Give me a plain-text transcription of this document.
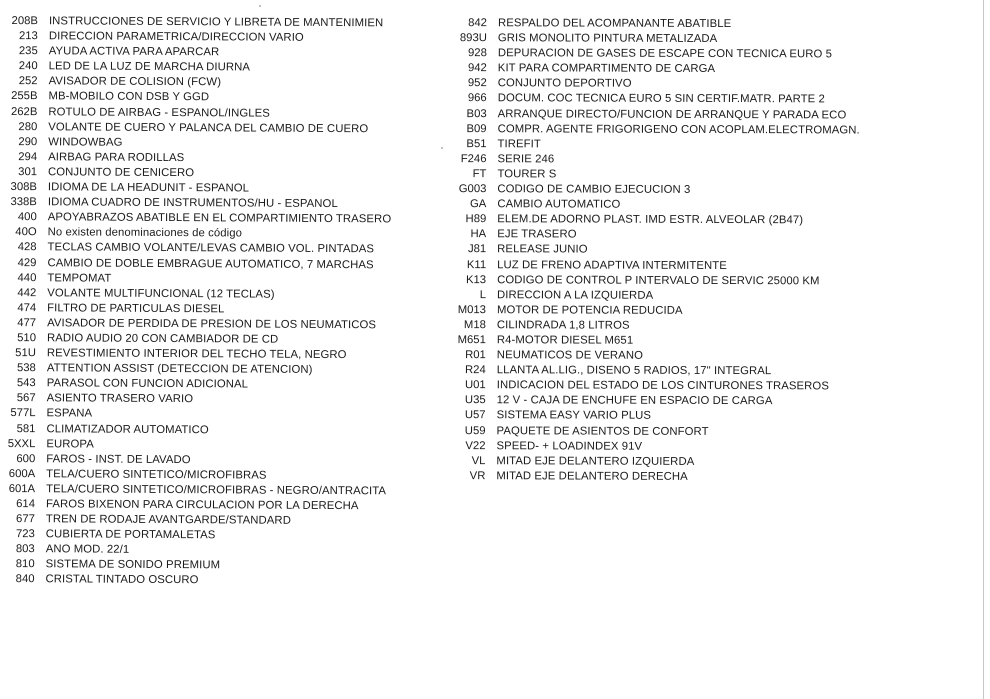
208B INSTRUCCIONES DE SERVICIO Y LIBRETA DE MANTENIMIEN
213 DIRECCION PARAMETRICA/DIRECCION VARIO
235 AYUDA ACTIVA PARA APARCAR
240 LED DE LA LUZ DE MARCHA DIURNA
252 AVISADOR DE COLISION (FCW)
255B MB-MOBILO CON DSB Y GGD
262B ROTULO DE AIRBAG - ESPANOL/INGLES
280 VOLANTE DE CUERO Y PALANCA DEL CAMBIO DE CUERO
290 WINDOWBAG
294 AIRBAG PARA RODILLAS
301 CONJUNTO DE CENICERO
308B IDIOMA DE LA HEADUNIT - ESPANOL
338B IDIOMA CUADRO DE INSTRUMENTOS/HU - ESPANOL
400 APOYABRAZOS ABATIBLE EN EL COMPARTIMIENTO TRASERO
40O No existen denominaciones de código
428 TECLAS CAMBIO VOLANTE/LEVAS CAMBIO VOL. PINTADAS
429 CAMBIO DE DOBLE EMBRAGUE AUTOMATICO, 7 MARCHAS
440 TEMPOMAT
442 VOLANTE MULTIFUNCIONAL (12 TECLAS)
474 FILTRO DE PARTICULAS DIESEL
477 AVISADOR DE PERDIDA DE PRESION DE LOS NEUMATICOS
510 RADIO AUDIO 20 CON CAMBIADOR DE CD
51U REVESTIMIENTO INTERIOR DEL TECHO TELA, NEGRO
538 ATTENTION ASSIST (DETECCION DE ATENCION)
543 PARASOL CON FUNCION ADICIONAL
567 ASIENTO TRASERO VARIO
577L ESPANA
581 CLIMATIZADOR AUTOMATICO
5XXL EUROPA
600 FAROS - INST. DE LAVADO
600A TELA/CUERO SINTETICO/MICROFIBRAS
601A TELA/CUERO SINTETICO/MICROFIBRAS - NEGRO/ANTRACITA
614 FAROS BIXENON PARA CIRCULACION POR LA DERECHA
677 TREN DE RODAJE AVANTGARDE/STANDARD
723 CUBIERTA DE PORTAMALETAS
803 ANO MOD. 22/1
810 SISTEMA DE SONIDO PREMIUM
840 CRISTAL TINTADO OSCURO
842 RESPALDO DEL ACOMPANANTE ABATIBLE
893U GRIS MONOLITO PINTURA METALIZADA
928 DEPURACION DE GASES DE ESCAPE CON TECNICA EURO 5
942 KIT PARA COMPARTIMENTO DE CARGA
952 CONJUNTO DEPORTIVO
966 DOCUM. COC TECNICA EURO 5 SIN CERTIF.MATR. PARTE 2
B03 ARRANQUE DIRECTO/FUNCION DE ARRANQUE Y PARADA ECO
B09 COMPR. AGENTE FRIGORIGENO CON ACOPLAM.ELECTROMAGN.
B51 TIREFIT
F246 SERIE 246
FT TOURER S
G003 CODIGO DE CAMBIO EJECUCION 3
GA CAMBIO AUTOMATICO
H89 ELEM.DE ADORNO PLAST. IMD ESTR. ALVEOLAR (2B47)
HA EJE TRASERO
J81 RELEASE JUNIO
K11 LUZ DE FRENO ADAPTIVA INTERMITENTE
K13 CODIGO DE CONTROL P INTERVALO DE SERVIC 25000 KM
L DIRECCION A LA IZQUIERDA
M013 MOTOR DE POTENCIA REDUCIDA
M18 CILINDRADA 1,8 LITROS
M651 R4-MOTOR DIESEL M651
R01 NEUMATICOS DE VERANO
R24 LLANTA AL.LIG., DISENO 5 RADIOS, 17" INTEGRAL
U01 INDICACION DEL ESTADO DE LOS CINTURONES TRASEROS
U35 12 V - CAJA DE ENCHUFE EN ESPACIO DE CARGA
U57 SISTEMA EASY VARIO PLUS
U59 PAQUETE DE ASIENTOS DE CONFORT
V22 SPEED- + LOADINDEX 91V
VL MITAD EJE DELANTERO IZQUIERDA
VR MITAD EJE DELANTERO DERECHA
